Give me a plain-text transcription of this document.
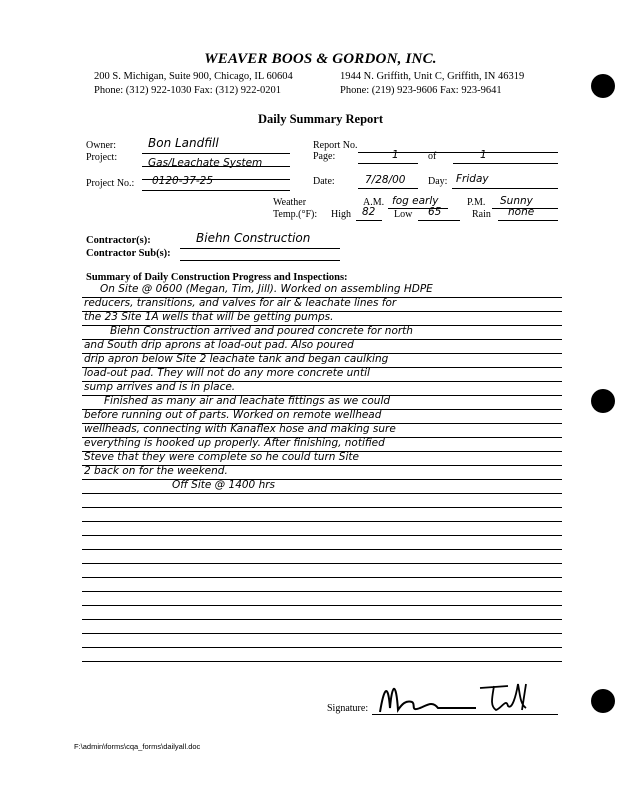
WEAVER BOOS & GORDON, INC.
200 S. Michigan, Suite 900, Chicago, IL 60604
Phone: (312) 922-1030 Fax: (312) 922-0201
1944 N. Griffith, Unit C, Griffith, IN 46319
Phone: (219) 923-9606 Fax: 923-9641
Daily Summary Report
Owner:	Bon Landfill
Project:	Gas/Leachate System
Project No.: 0120-37-25
Report No.
Page:	1	of	1
Date:	7/28/00 Day: Friday
Weather	A.M. fog early	P.M. Sunny
Temp.(°F): High 82 Low 65	Rain none
Contractor(s):	Biehn Construction
Contractor Sub(s):
Summary of Daily Construction Progress and Inspections:
On Site @ 0600 (Megan, Tim, Jill). Worked on assembling HDPE
reducers, transitions, and valves for air & leachate lines for
the 23 Site 1A wells that will be getting pumps.
Biehn Construction arrived and poured concrete for north
and South drip aprons at load-out pad. Also poured
drip apron below Site 2 leachate tank and began caulking
load-out pad. They will not do any more concrete until
sump arrives and is in place.
Finished as many air and leachate fittings as we could
before running out of parts. Worked on remote wellhead
wellheads, connecting with Kanaflex hose and making sure
everything is hooked up properly. After finishing, notified
Steve that they were complete so he could turn Site
2 back on for the weekend.
Off Site @ 1400 hrs
Signature:
F:\admin\forms\cqa_forms\dailyall.doc
